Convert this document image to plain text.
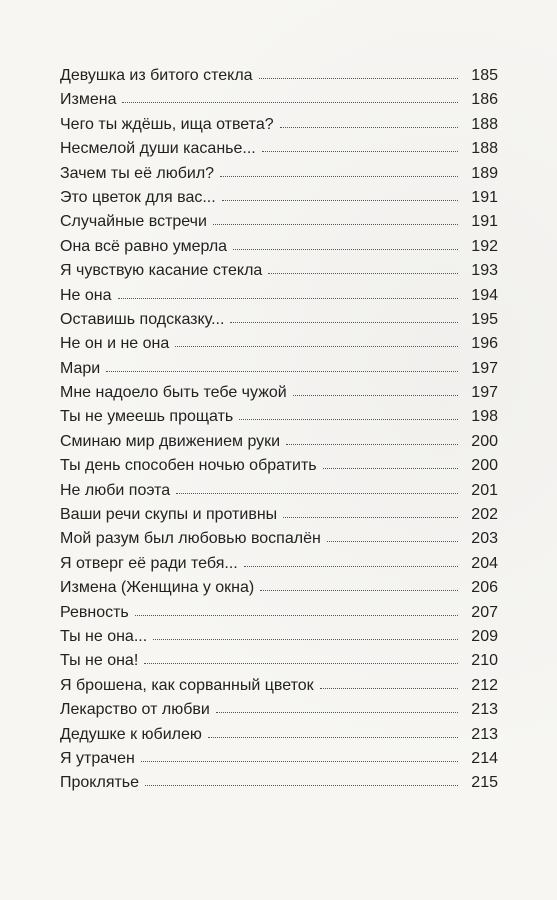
Девушка из битого стекла	185
Измена	186
Чего ты ждёшь, ища ответа?	188
Несмелой души касанье...	188
Зачем ты её любил?	189
Это цветок для вас...	191
Случайные встречи	191
Она всё равно умерла	192
Я чувствую касание стекла	193
Не она	194
Оставишь подсказку...	195
Не он и не она	196
Мари	197
Мне надоело быть тебе чужой	197
Ты не умеешь прощать	198
Сминаю мир движением руки	200
Ты день способен ночью обратить	200
Не люби поэта	201
Ваши речи скупы и противны	202
Мой разум был любовью воспалён	203
Я отверг её ради тебя...	204
Измена (Женщина у окна)	206
Ревность	207
Ты не она...	209
Ты не она!	210
Я брошена, как сорванный цветок	212
Лекарство от любви	213
Дедушке к юбилею	213
Я утрачен	214
Проклятье	215
